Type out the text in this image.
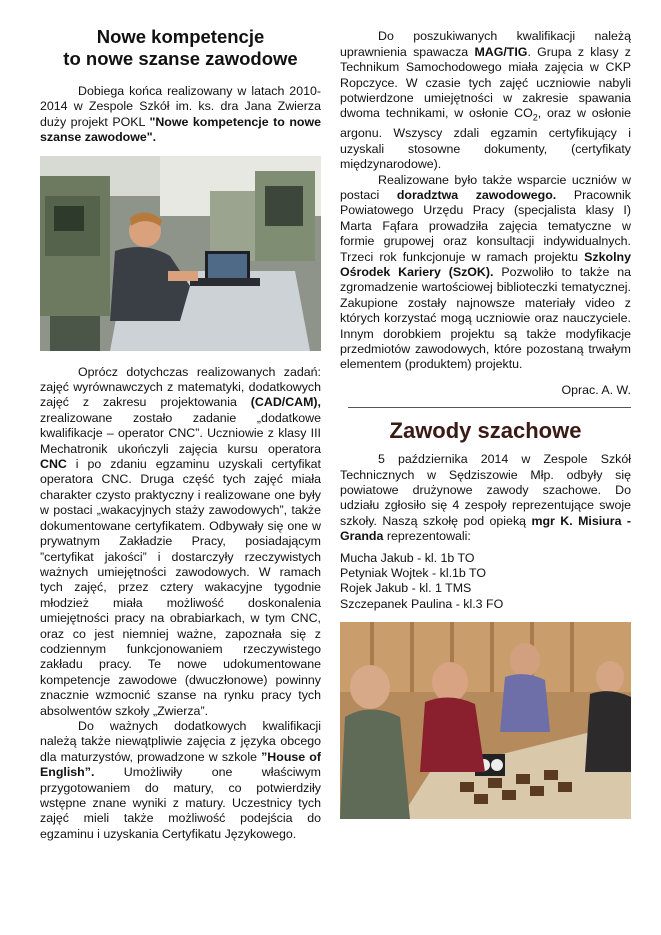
Nowe kompetencje
to nowe szanse zawodowe

Dobiega końca realizowany w latach 2010-2014 w Zespole Szkół im. ks. dra Jana Zwierza duży projekt POKL "Nowe kompetencje to nowe szanse zawodowe".

Oprócz dotychczas realizowanych zadań: zajęć wyrównawczych z matematyki, dodatkowych zajęć z zakresu projektowania (CAD/CAM), zrealizowane zostało zadanie „dodatkowe kwalifikacje – operator CNC”. Uczniowie z klasy III Mechatronik ukończyli zajęcia kursu operatora CNC i po zdaniu egzaminu uzyskali certyfikat operatora CNC. Druga część tych zajęć miała charakter czysto praktyczny i realizowane one były w postaci „wakacyjnych staży zawodowych”, także dokumentowane certyfikatem. Odbywały się one w prywatnym Zakładzie Pracy, posiadającym ”certyfikat jakości” i dostarczyły rzeczywistych ważnych umiejętności zawodowych. W ramach tych zajęć, przez cztery wakacyjne tygodnie młodzież miała możliwość doskonalenia umiejętności pracy na obrabiarkach, w tym CNC, oraz co jest niemniej ważne, zapoznała się z codziennym funkcjonowaniem rzeczywistego zakładu pracy. Te nowe udokumentowane kompetencje zawodowe (dwuczłonowe) powinny znacznie wzmocnić szanse na rynku pracy tych absolwentów szkoły „Zwierza”.

Do ważnych dodatkowych kwalifikacji należą także niewątpliwie zajęcia z języka obcego dla maturzystów, prowadzone w szkole ”House of English”. Umożliwiły one właściwym przygotowaniem do matury, co potwierdziły wstępne znane wyniki z matury. Uczestnicy tych zajęć mieli także możliwość podejścia do egzaminu i uzyskania Certyfikatu Językowego.

Do poszukiwanych kwalifikacji należą uprawnienia spawacza MAG/TIG. Grupa z klasy z Technikum Samochodowego miała zajęcia w CKP Ropczyce. W czasie tych zajęć uczniowie nabyli potwierdzone umiejętności w zakresie spawania dwoma technikami, w osłonie $CO_2$, oraz w osłonie argonu. Wszyscy zdali egzamin certyfikujący i uzyskali stosowne dokumenty, (certyfikaty międzynarodowe).

Realizowane było także wsparcie uczniów w postaci doradztwa zawodowego. Pracownik Powiatowego Urzędu Pracy (specjalista klasy I) Marta Fąfara prowadziła zajęcia tematyczne w formie grupowej oraz konsultacji indywidualnych. Trzeci rok funkcjonuje w ramach projektu Szkolny Ośrodek Kariery (SzOK). Pozwoliło to także na zgromadzenie wartościowej biblioteczki tematycznej. Zakupione zostały najnowsze materiały video z których korzystać mogą uczniowie oraz nauczyciele. Innym dorobkiem projektu są także modyfikacje przedmiotów zawodowych, które pozostaną trwałym elementem (produktem) projektu.

Oprac. A. W.
Zawody szachowe

5 października 2014 w Zespole Szkół Technicznych w Sędziszowie Młp. odbyły się powiatowe drużynowe zawody szachowe. Do udziału zgłosiło się 4 zespoły reprezentujące swoje szkoły. Naszą szkołę pod opieką mgr K. Misiura - Granda reprezentowali:

Mucha Jakub - kl. 1b TO
Petyniak Wojtek - kl.1b TO
Rojek Jakub - kl. 1 TMS
Szczepanek Paulina - kl.3 FO
